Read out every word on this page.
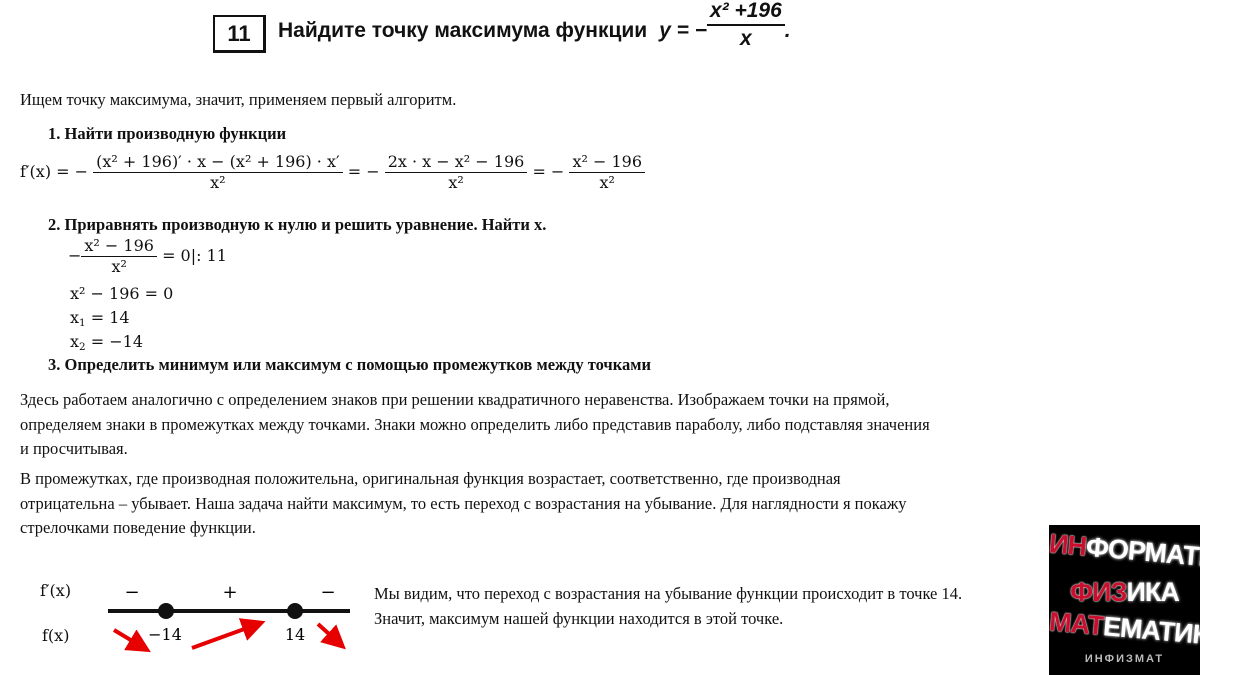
11	Найдите точку максимума функции y = − $\frac{\text{x² +196}}{x}$ .
Ищем точку максимума, значит, применяем первый алгоритм.
1. Найти производную функции
f′(x) = − $\frac{\text{(x² + 196)′ · x − (x² + 196) · x′}}{\text{x²}}$ = − $\frac{\text{2x · x − x² − 196}}{\text{x²}}$ = − $\frac{\text{x² − 196}}{\text{x²}}$
2. Приравнять производную к нулю и решить уравнение. Найти x.
− $\frac{\text{x² − 196}}{\text{x²}} = 0|$: 11
x² − 196 = 0
$x_1 = 14$
$x_2 = -14$
3. Определить минимум или максимум с помощью промежутков между точками
Здесь работаем аналогично с определением знаков при решении квадратичного неравенства. Изображаем точки на прямой,
определяем знаки в промежутках между точками. Знаки можно определить либо представив параболу, либо подставляя значения
и просчитывая.
В промежутках, где производная положительна, оригинальная функция возрастает, соответственно, где производная
отрицательна – убывает. Наша задача найти максимум, то есть переход с возрастания на убывание. Для наглядности я покажу
стрелочками поведение функции.
f′(x)
f(x)
−	+	−
−14	14
Мы видим, что переход с возрастания на убывание функции происходит в точке 14.
Значит, максимум нашей функции находится в этой точке.
ИНФОРМАТИКА
ФИЗИКА
МАТЕМАТИКА
ИНФИЗМАТ
